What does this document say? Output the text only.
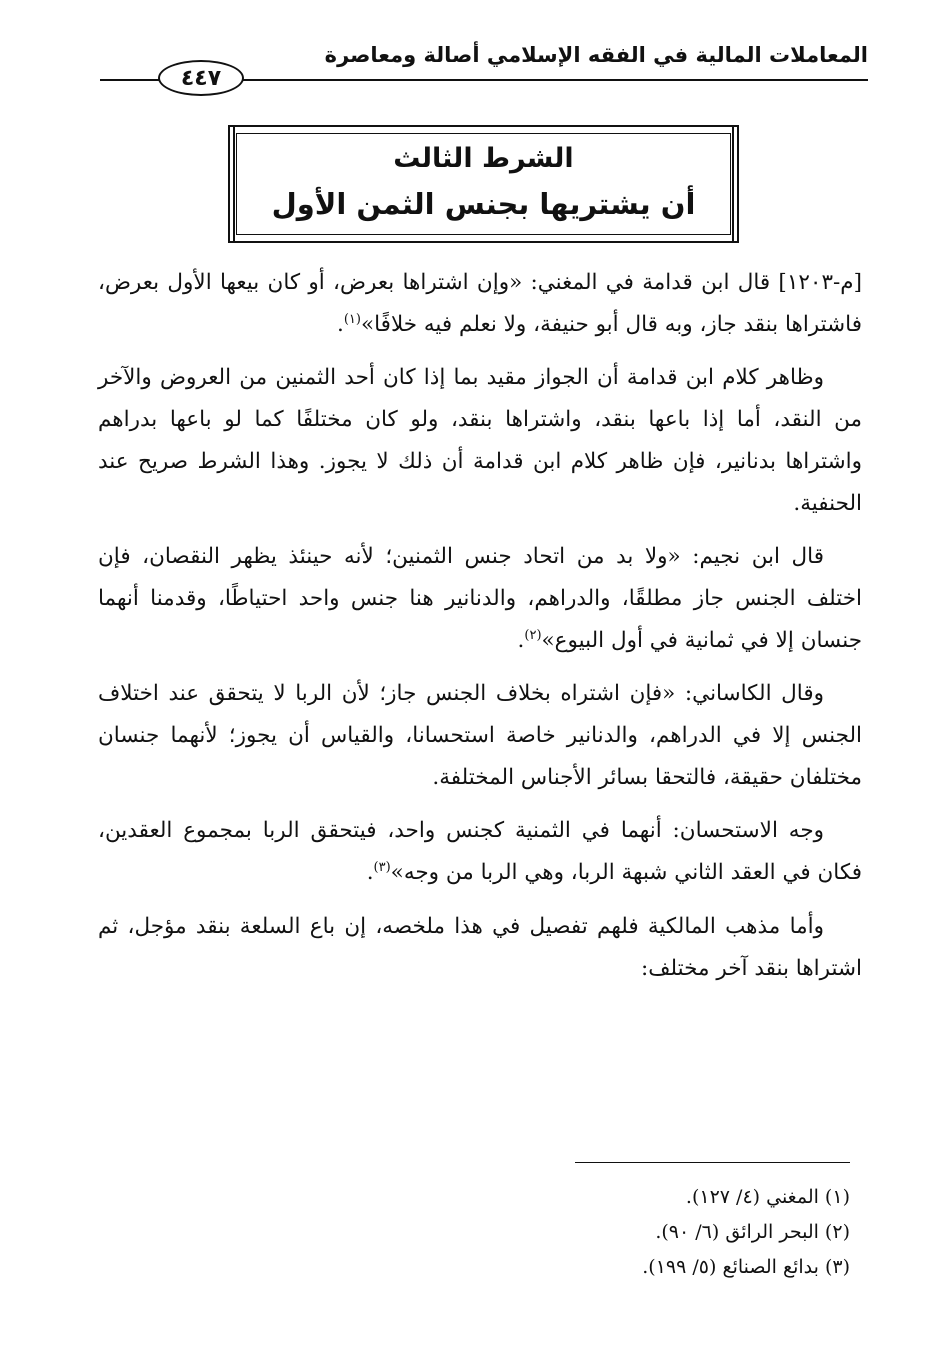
المعاملات المالية في الفقه الإسلامي أصالة ومعاصرة
٤٤٧
الشرط الثالث
أن يشتريها بجنس الثمن الأول

[م-١٢٠٣] قال ابن قدامة في المغني: «وإن اشتراها بعرض، أو كان بيعها الأول بعرض، فاشتراها بنقد جاز، وبه قال أبو حنيفة، ولا نعلم فيه خلافًا»$^{(١)}$.

وظاهر كلام ابن قدامة أن الجواز مقيد بما إذا كان أحد الثمنين من العروض والآخر من النقد، أما إذا باعها بنقد، واشتراها بنقد، ولو كان مختلفًا كما لو باعها بدراهم واشتراها بدنانير، فإن ظاهر كلام ابن قدامة أن ذلك لا يجوز. وهذا الشرط صريح عند الحنفية.

قال ابن نجيم: «ولا بد من اتحاد جنس الثمنين؛ لأنه حينئذ يظهر النقصان، فإن اختلف الجنس جاز مطلقًا، والدراهم، والدنانير هنا جنس واحد احتياطًا، وقدمنا أنهما جنسان إلا في ثمانية في أول البيوع»$^{(٢)}$.

وقال الكاساني: «فإن اشتراه بخلاف الجنس جاز؛ لأن الربا لا يتحقق عند اختلاف الجنس إلا في الدراهم، والدنانير خاصة استحسانا، والقياس أن يجوز؛ لأنهما جنسان مختلفان حقيقة، فالتحقا بسائر الأجناس المختلفة.

وجه الاستحسان: أنهما في الثمنية كجنس واحد، فيتحقق الربا بمجموع العقدين، فكان في العقد الثاني شبهة الربا، وهي الربا من وجه»$^{(٣)}$.

وأما مذهب المالكية فلهم تفصيل في هذا ملخصه، إن باع السلعة بنقد مؤجل، ثم اشتراها بنقد آخر مختلف:

(١) المغني (٤/ ١٢٧).
(٢) البحر الرائق (٦/ ٩٠).
(٣) بدائع الصنائع (٥/ ١٩٩).
